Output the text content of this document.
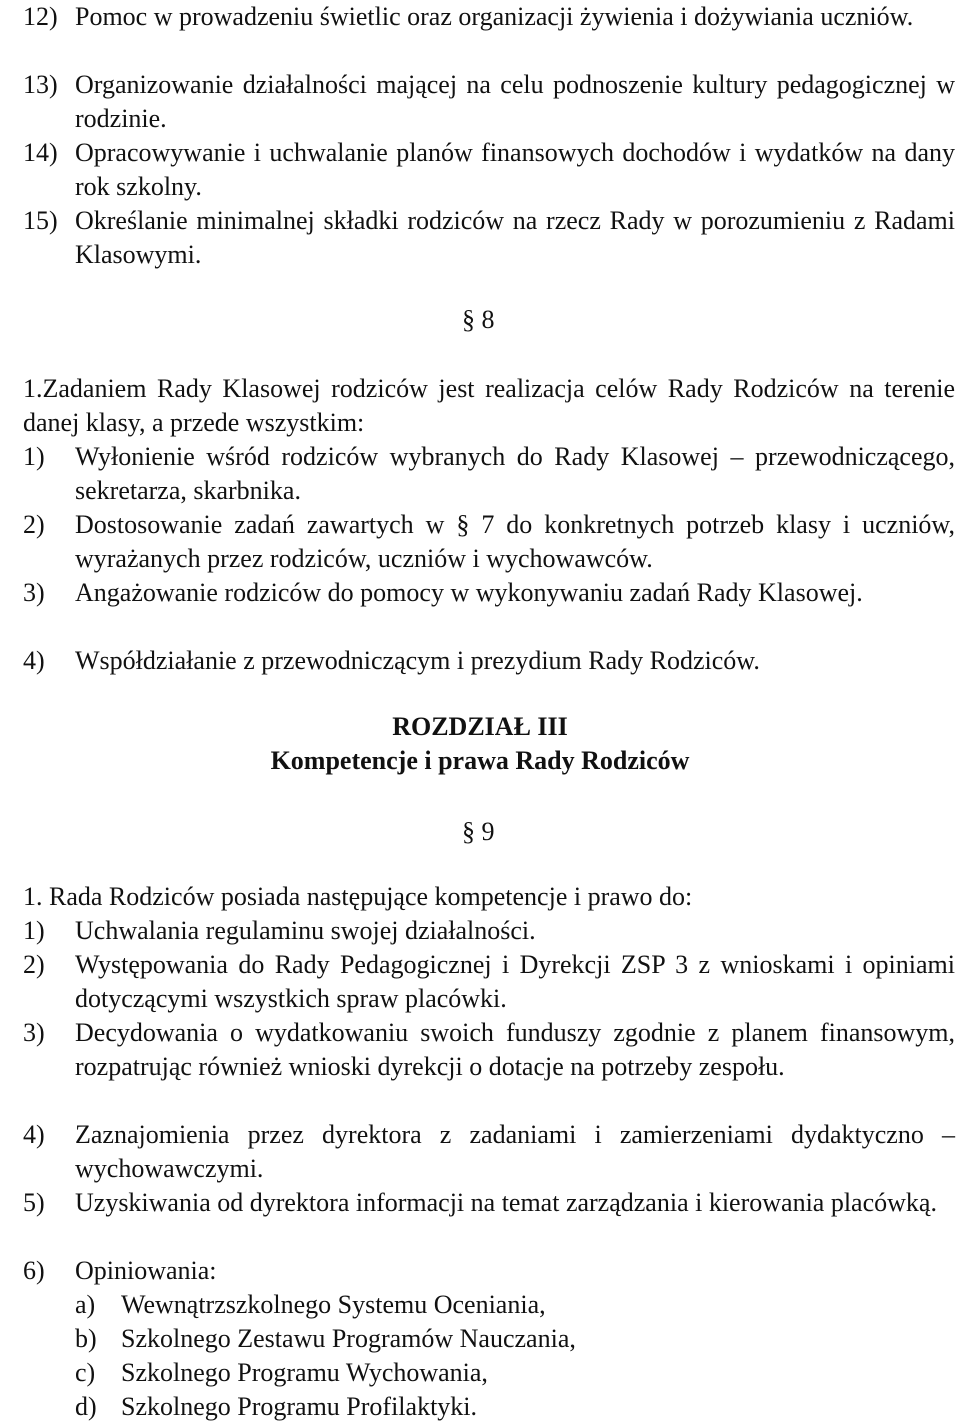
12) Pomoc w prowadzeniu świetlic oraz organizacji żywienia i dożywiania uczniów.
13) Organizowanie działalności mającej na celu podnoszenie kultury pedagogicznej w rodzinie.
14) Opracowywanie i uchwalanie planów finansowych dochodów i wydatków na dany rok szkolny.
15) Określanie minimalnej składki rodziców na rzecz Rady w porozumieniu z Radami Klasowymi.
§ 8
1.Zadaniem Rady Klasowej rodziców jest realizacja celów Rady Rodziców na terenie danej klasy, a przede wszystkim:
1) Wyłonienie wśród rodziców wybranych do Rady Klasowej – przewodniczącego, sekretarza, skarbnika.
2) Dostosowanie zadań zawartych w § 7 do konkretnych potrzeb klasy i uczniów, wyrażanych przez rodziców, uczniów i wychowawców.
3) Angażowanie rodziców do pomocy w wykonywaniu zadań Rady Klasowej.
4) Współdziałanie z przewodniczącym i prezydium Rady Rodziców.
ROZDZIAŁ III
Kompetencje i prawa Rady Rodziców
§ 9
1. Rada Rodziców posiada następujące kompetencje i prawo do:
1) Uchwalania regulaminu swojej działalności.
2) Występowania do Rady Pedagogicznej i Dyrekcji ZSP 3 z wnioskami i opiniami dotyczącymi wszystkich spraw placówki.
3) Decydowania o wydatkowaniu swoich funduszy zgodnie z planem finansowym, rozpatrując również wnioski dyrekcji o dotacje na potrzeby zespołu.
4) Zaznajomienia przez dyrektora z zadaniami i zamierzeniami dydaktyczno – wychowawczymi.
5) Uzyskiwania od dyrektora informacji na temat zarządzania i kierowania placówką.
6) Opiniowania:
a) Wewnątrzszkolnego Systemu Oceniania,
b) Szkolnego Zestawu Programów Nauczania,
c) Szkolnego Programu Wychowania,
d) Szkolnego Programu Profilaktyki.
